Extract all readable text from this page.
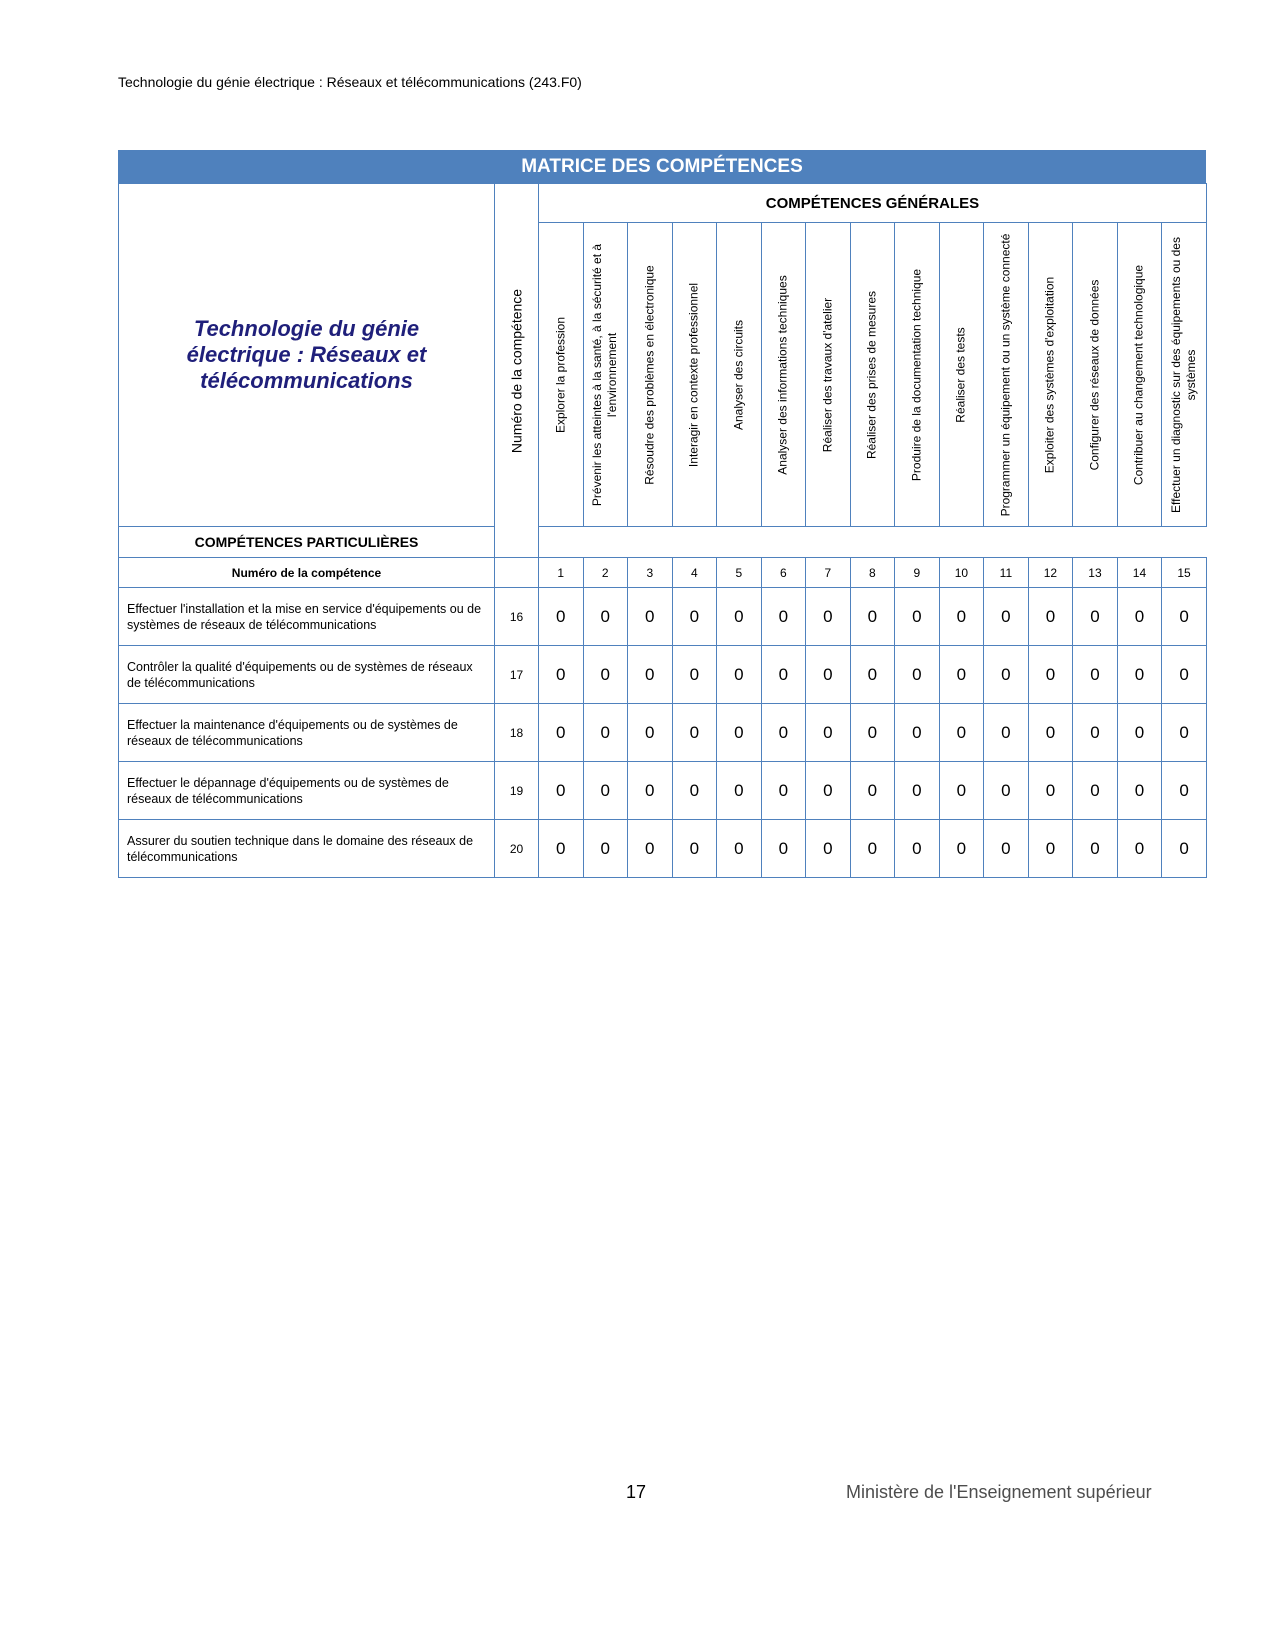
Technologie du génie électrique : Réseaux et télécommunications (243.F0)
MATRICE DES COMPÉTENCES
Technologie du génie
électrique : Réseaux et
télécommunications	Numéro de la compétence	COMPÉTENCES GÉNÉRALES														

		Explorer la profession	Prévenir les atteintes à la santé, à la sécurité et à l'environnement	Résoudre des problèmes en électronique	Interagir en contexte professionnel	Analyser des circuits	Analyser des informations techniques	Réaliser des travaux d'atelier	Réaliser des prises de mesures	Produire de la documentation technique	Réaliser des tests	Programmer un équipement ou un système connecté	Exploiter des systèmes d'exploitation	Configurer des réseaux de données	Contribuer au changement technologique	Effectuer un diagnostic sur des équipements ou des systèmes

COMPÉTENCES PARTICULIÈRES																
Numéro de la compétence		1	2	3	4	5	6	7	8	9	10	11	12	13	14	15
Effectuer l'installation et la mise en service d'équipements ou de systèmes de réseaux de télécommunications	16	0	0	0	0	0	0	0	0	0	0	0	0	0	0	0
Contrôler la qualité d'équipements ou de systèmes de réseaux de télécommunications	17	0	0	0	0	0	0	0	0	0	0	0	0	0	0	0
Effectuer la maintenance d'équipements ou de systèmes de réseaux de télécommunications	18	0	0	0	0	0	0	0	0	0	0	0	0	0	0	0
Effectuer le dépannage d'équipements ou de systèmes de réseaux de télécommunications	19	0	0	0	0	0	0	0	0	0	0	0	0	0	0	0
Assurer du soutien technique dans le domaine des réseaux de télécommunications	20	0	0	0	0	0	0	0	0	0	0	0	0	0	0	0
17	Ministère de l'Enseignement supérieur
